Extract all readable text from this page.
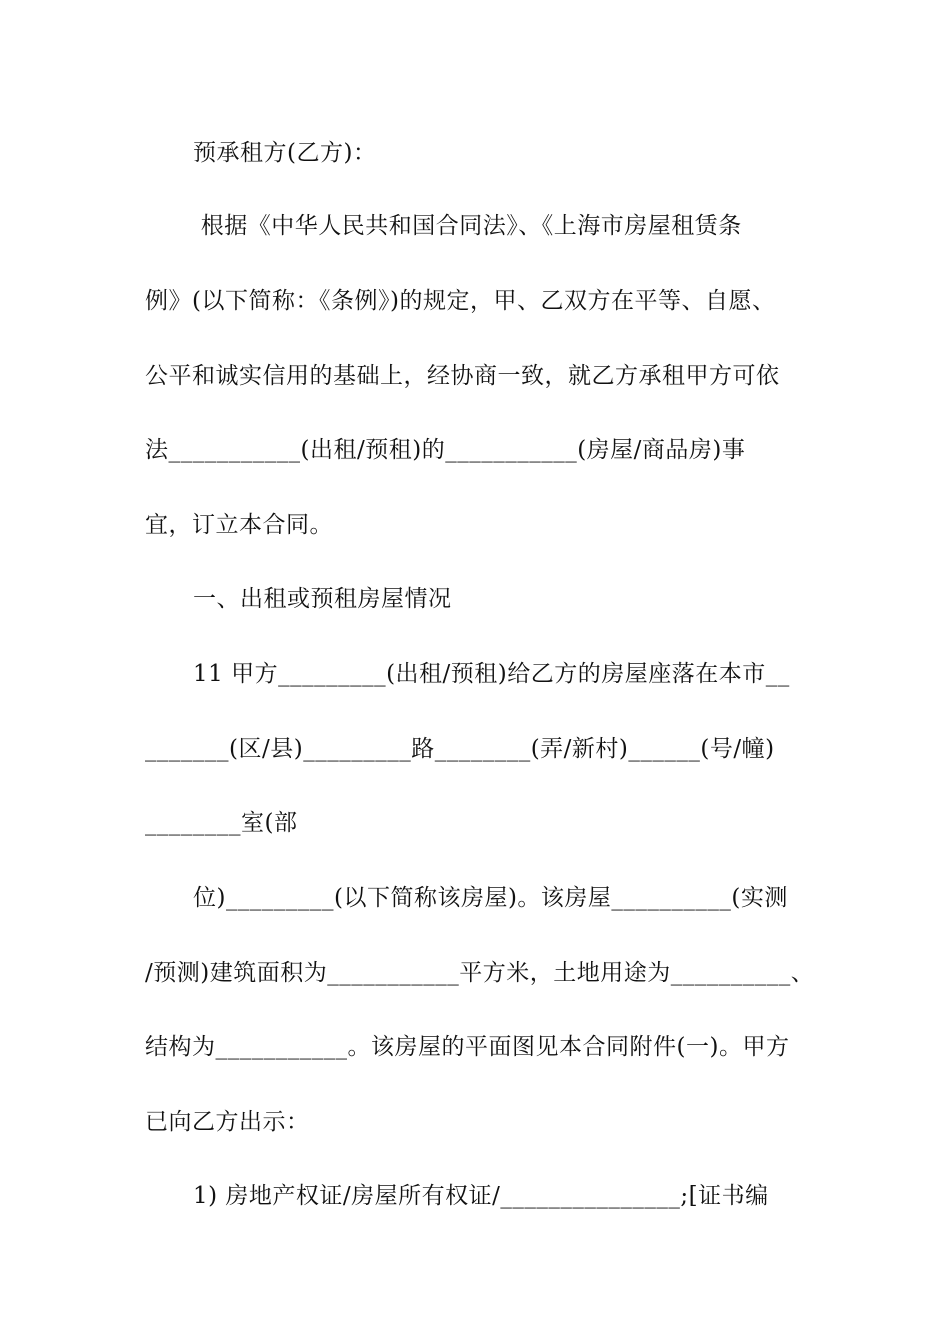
预承租方(乙方)：
根据《中华人民共和国合同法》、《上海市房屋租赁条
例》(以下简称：《条例》)的规定，甲、乙双方在平等、自愿、
公平和诚实信用的基础上，经协商一致，就乙方承租甲方可依
法___________(出租/预租)的___________(房屋/商品房)事
宜，订立本合同。
一、出租或预租房屋情况
11 甲方_________(出租/预租)给乙方的房屋座落在本市__
_______(区/县)_________路________(弄/新村)______(号/幢)
________室(部
位)_________(以下简称该房屋)。该房屋__________(实测
/预测)建筑面积为___________平方米，土地用途为__________、
结构为___________。该房屋的平面图见本合同附件(一)。甲方
已向乙方出示：
1) 房地产权证/房屋所有权证/_______________;[证书编
